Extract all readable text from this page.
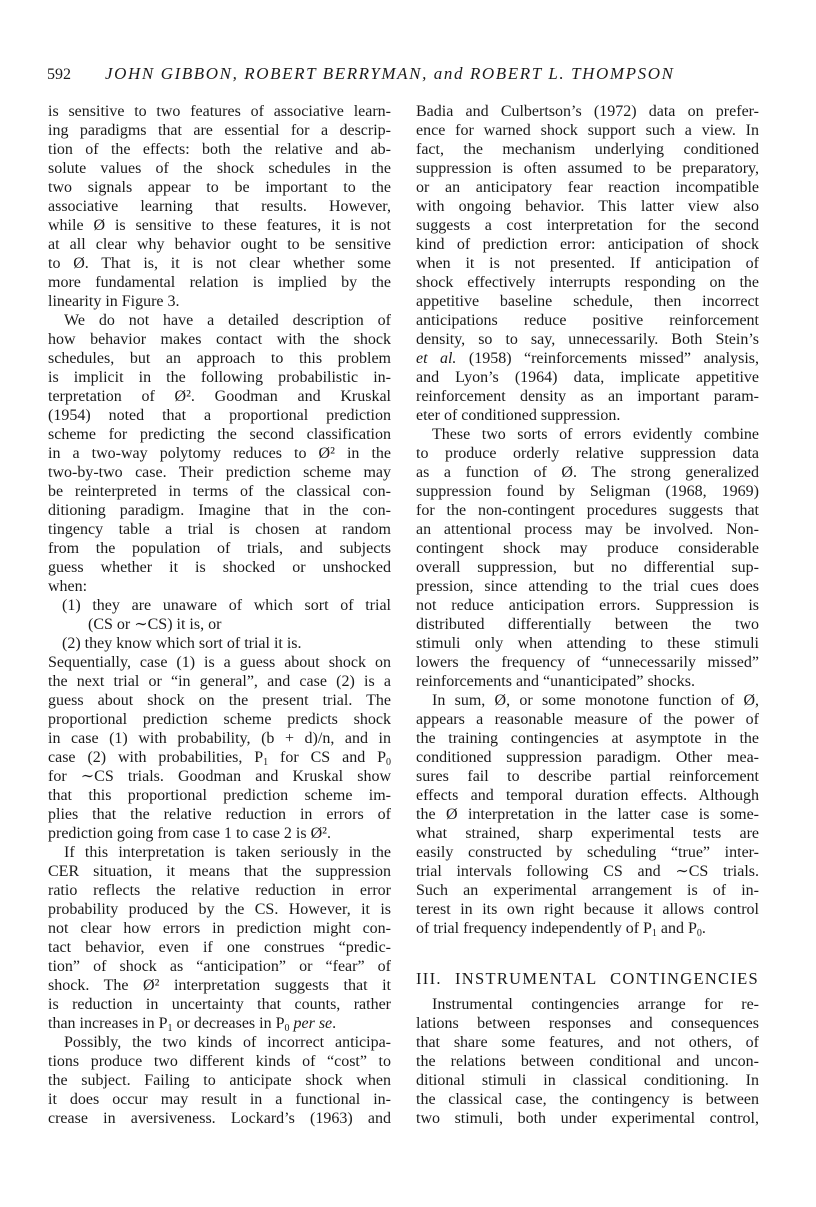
592 JOHN GIBBON, ROBERT BERRYMAN, and ROBERT L. THOMPSON
is sensitive to two features of associative learn-
ing paradigms that are essential for a descrip-
tion of the effects: both the relative and ab-
solute values of the shock schedules in the
two signals appear to be important to the
associative learning that results. However,
while Ø is sensitive to these features, it is not
at all clear why behavior ought to be sensitive
to Ø. That is, it is not clear whether some
more fundamental relation is implied by the
linearity in Figure 3.
We do not have a detailed description of
how behavior makes contact with the shock
schedules, but an approach to this problem
is implicit in the following probabilistic in-
terpretation of Ø². Goodman and Kruskal
(1954) noted that a proportional prediction
scheme for predicting the second classification
in a two-way polytomy reduces to Ø² in the
two-by-two case. Their prediction scheme may
be reinterpreted in terms of the classical con-
ditioning paradigm. Imagine that in the con-
tingency table a trial is chosen at random
from the population of trials, and subjects
guess whether it is shocked or unshocked
when:
(1) they are unaware of which sort of trial
(CS or ∼CS) it is, or
(2) they know which sort of trial it is.
Sequentially, case (1) is a guess about shock on
the next trial or “in general”, and case (2) is a
guess about shock on the present trial. The
proportional prediction scheme predicts shock
in case (1) with probability, (b + d)/n, and in
case (2) with probabilities, $P_1$ for CS and $P_0$
for ∼CS trials. Goodman and Kruskal show
that this proportional prediction scheme im-
plies that the relative reduction in errors of
prediction going from case 1 to case 2 is Ø².
If this interpretation is taken seriously in the
CER situation, it means that the suppression
ratio reflects the relative reduction in error
probability produced by the CS. However, it is
not clear how errors in prediction might con-
tact behavior, even if one construes “predic-
tion” of shock as “anticipation” or “fear” of
shock. The Ø² interpretation suggests that it
is reduction in uncertainty that counts, rather
than increases in $P_1$ or decreases in $P_0$ per se.
Possibly, the two kinds of incorrect anticipa-
tions produce two different kinds of “cost” to
the subject. Failing to anticipate shock when
it does occur may result in a functional in-
crease in aversiveness. Lockard’s (1963) and
Badia and Culbertson’s (1972) data on prefer-
ence for warned shock support such a view. In
fact, the mechanism underlying conditioned
suppression is often assumed to be preparatory,
or an anticipatory fear reaction incompatible
with ongoing behavior. This latter view also
suggests a cost interpretation for the second
kind of prediction error: anticipation of shock
when it is not presented. If anticipation of
shock effectively interrupts responding on the
appetitive baseline schedule, then incorrect
anticipations reduce positive reinforcement
density, so to say, unnecessarily. Both Stein’s
et al. (1958) “reinforcements missed” analysis,
and Lyon’s (1964) data, implicate appetitive
reinforcement density as an important param-
eter of conditioned suppression.
These two sorts of errors evidently combine
to produce orderly relative suppression data
as a function of Ø. The strong generalized
suppression found by Seligman (1968, 1969)
for the non-contingent procedures suggests that
an attentional process may be involved. Non-
contingent shock may produce considerable
overall suppression, but no differential sup-
pression, since attending to the trial cues does
not reduce anticipation errors. Suppression is
distributed differentially between the two
stimuli only when attending to these stimuli
lowers the frequency of “unnecessarily missed”
reinforcements and “unanticipated” shocks.
In sum, Ø, or some monotone function of Ø,
appears a reasonable measure of the power of
the training contingencies at asymptote in the
conditioned suppression paradigm. Other mea-
sures fail to describe partial reinforcement
effects and temporal duration effects. Although
the Ø interpretation in the latter case is some-
what strained, sharp experimental tests are
easily constructed by scheduling “true” inter-
trial intervals following CS and ∼CS trials.
Such an experimental arrangement is of in-
terest in its own right because it allows control
of trial frequency independently of $P_1$ and $P_0$.
III. INSTRUMENTAL CONTINGENCIES
Instrumental contingencies arrange for re-
lations between responses and consequences
that share some features, and not others, of
the relations between conditional and uncon-
ditional stimuli in classical conditioning. In
the classical case, the contingency is between
two stimuli, both under experimental control,
